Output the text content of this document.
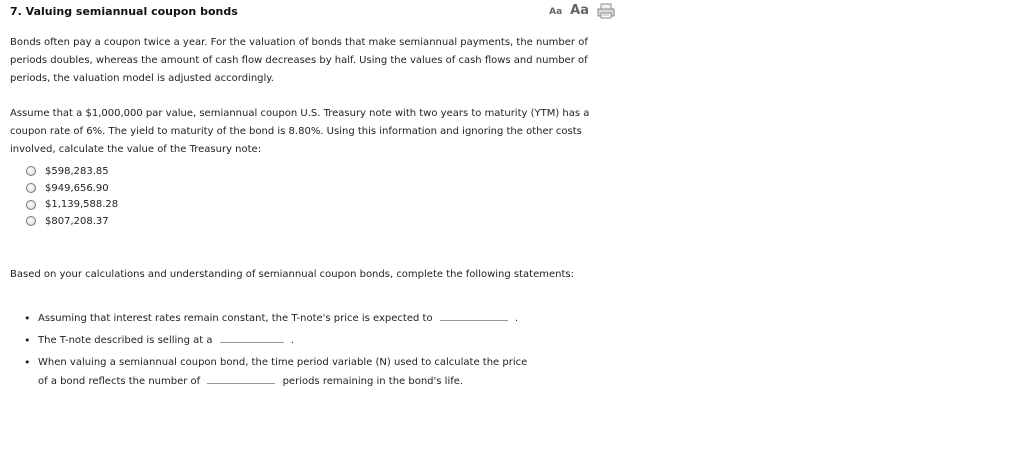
7. Valuing semiannual coupon bonds	Aa Aa
Bonds often pay a coupon twice a year. For the valuation of bonds that make semiannual payments, the number of periods doubles, whereas the amount of cash flow decreases by half. Using the values of cash flows and number of periods, the valuation model is adjusted accordingly.
Assume that a $1,000,000 par value, semiannual coupon U.S. Treasury note with two years to maturity (YTM) has a coupon rate of 6%. The yield to maturity of the bond is 8.80%. Using this information and ignoring the other costs involved, calculate the value of the Treasury note:
$598,283.85
$949,656.90
$1,139,588.28
$807,208.37
Based on your calculations and understanding of semiannual coupon bonds, complete the following statements:
• Assuming that interest rates remain constant, the T-note's price is expected to	.
• The T-note described is selling at a	.
• When valuing a semiannual coupon bond, the time period variable (N) used to calculate the price
of a bond reflects the number of	periods remaining in the bond's life.
